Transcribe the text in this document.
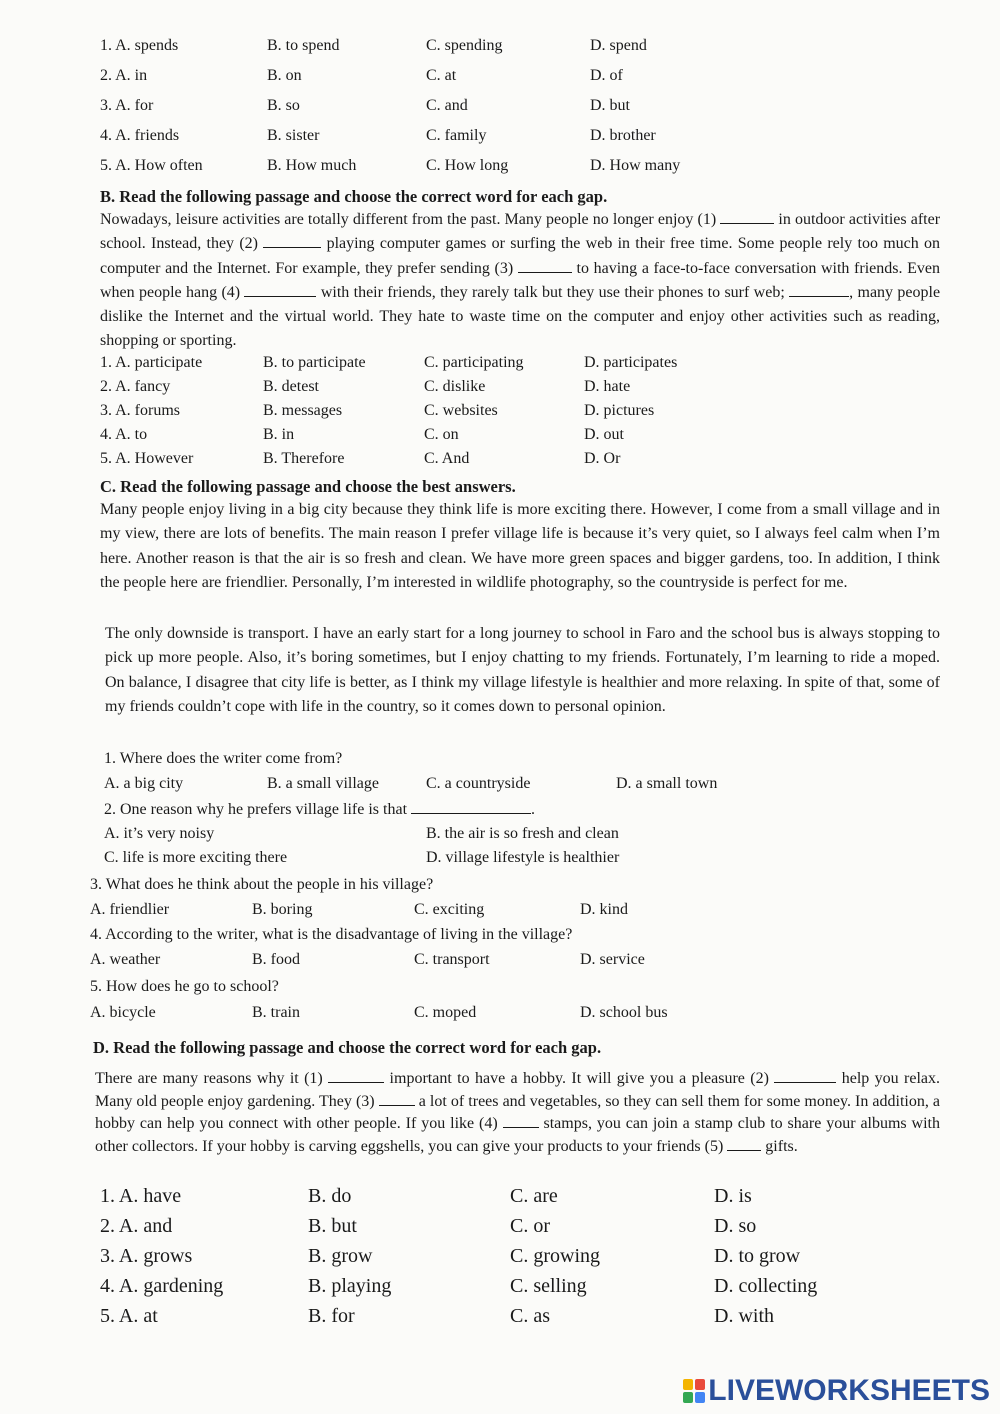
1. A. spends	B. to spend	C. spending	D. spend
2. A. in	B. on	C. at	D. of
3. A. for	B. so	C. and	D. but
4. A. friends	B. sister	C. family	D. brother
5. A. How often	B. How much	C. How long	D. How many
B. Read the following passage and choose the correct word for each gap.
Nowadays, leisure activities are totally different from the past. Many people no longer enjoy (1)	in outdoor activities after school. Instead, they (2)	playing computer games or surfing the web in their free time. Some people rely too much on computer and the Internet. For example, they prefer sending (3)	to having a face-to-face conversation with friends. Even when people hang (4)	with their friends, they rarely talk but they use their phones to surf web;	, many people dislike the Internet and the virtual world. They hate to waste time on the computer and enjoy other activities such as reading, shopping or sporting.
1. A. participate	B. to participate	C. participating	D. participates
2. A. fancy	B. detest	C. dislike	D. hate
3. A. forums	B. messages	C. websites	D. pictures
4. A. to	B. in	C. on	D. out
5. A. However	B. Therefore	C. And	D. Or
C. Read the following passage and choose the best answers.
Many people enjoy living in a big city because they think life is more exciting there. However, I come from a small village and in my view, there are lots of benefits. The main reason I prefer village life is because it’s very quiet, so I always feel calm when I’m here. Another reason is that the air is so fresh and clean. We have more green spaces and bigger gardens, too. In addition, I think the people here are friendlier. Personally, I’m interested in wildlife photography, so the countryside is perfect for me.
The only downside is transport. I have an early start for a long journey to school in Faro and the school bus is always stopping to pick up more people. Also, it’s boring sometimes, but I enjoy chatting to my friends. Fortunately, I’m learning to ride a moped. On balance, I disagree that city life is better, as I think my village lifestyle is healthier and more relaxing. In spite of that, some of my friends couldn’t cope with life in the country, so it comes down to personal opinion.
1. Where does the writer come from?
A. a big city	B. a small village	C. a countryside	D. a small town
2. One reason why he prefers village life is that	.
A. it’s very noisy	B. the air is so fresh and clean
C. life is more exciting there	D. village lifestyle is healthier
3. What does he think about the people in his village?
A. friendlier	B. boring	C. exciting	D. kind
4. According to the writer, what is the disadvantage of living in the village?
A. weather	B. food	C. transport	D. service
5. How does he go to school?
A. bicycle	B. train	C. moped	D. school bus
D. Read the following passage and choose the correct word for each gap.
There are many reasons why it (1)	important to have a hobby. It will give you a pleasure (2)	help you relax. Many old people enjoy gardening. They (3)	a lot of trees and vegetables, so they can sell them for some money. In addition, a hobby can help you connect with other people. If you like (4)	stamps, you can join a stamp club to share your albums with other collectors. If your hobby is carving eggshells, you can give your products to your friends (5)	gifts.
1. A. have	B. do	C. are	D. is
2. A. and	B. but	C. or	D. so
3. A. grows	B. grow	C. growing	D. to grow
4. A. gardening	B. playing	C. selling	D. collecting
5. A. at	B. for	C. as	D. with
LIVEWORKSHEETS
